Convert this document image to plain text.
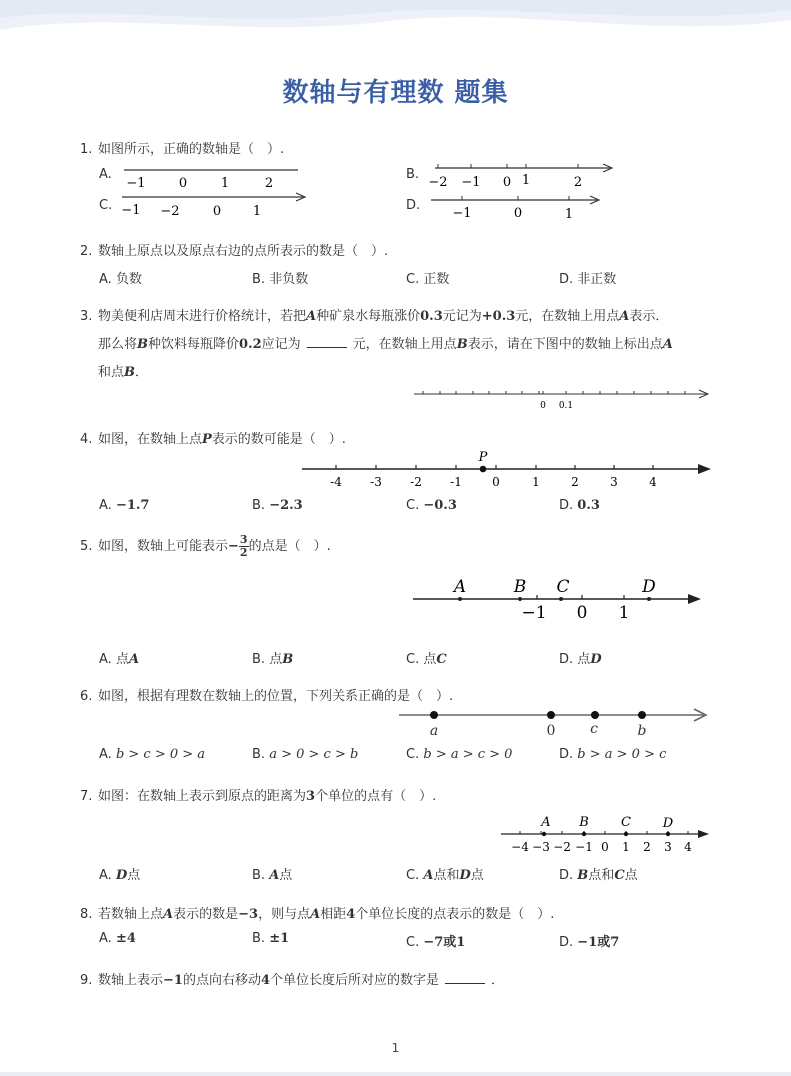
数轴与有理数 题集
1. 如图所示，正确的数轴是（　）.
A.
−1	0	1	2
B.
−2 −1 0 1	2
C. −1 −2	0 1	D.
−1	0	1
2. 数轴上原点以及原点右边的点所表示的数是（　）.
A. 负数	B. 非负数	C. 正数	D. 非正数
3. 物美便利店周末进行价格统计，若把A种矿泉水每瓶涨价0.3元记为+0.3元，在数轴上用点A表示．
那么将B种饮料每瓶降价0.2应记为	元，在数轴上用点B表示，请在下图中的数轴上标出点A
和点B．
0 0.1
4. 如图，在数轴上点P表示的数可能是（　）.
P
-4 -3 -2 -1	0	1	2	3	4
A. −1.7	B. −2.3	C. −0.3	D. 0.3
5. 如图，数轴上可能表示− $\frac{3}{2}$ 的点是（　）.
A	B C	D
−1 0 1
A. 点A	B. 点B	C. 点C	D. 点D
6. 如图，根据有理数在数轴上的位置，下列关系正确的是（　）.
a	0 c	b
A. b > c > 0 > a	B. a > 0 > c > b	C. b > a > c > 0	D. b > a > 0 > c
7. 如图：在数轴上表示到原点的距离为3个单位的点有（　）.
A B C D
−4 −3 −2 −1 0 1 2 3 4
A. D点	B. A点	C. A点和D点	D. B点和C点
8. 若数轴上点A表示的数是−3，则与点A相距4个单位长度的点表示的数是（　）.
A. ±4	B. ±1	C. −7或1	D. −1或7
9. 数轴上表示−1的点向右移动4个单位长度后所对应的数字是	．
1
